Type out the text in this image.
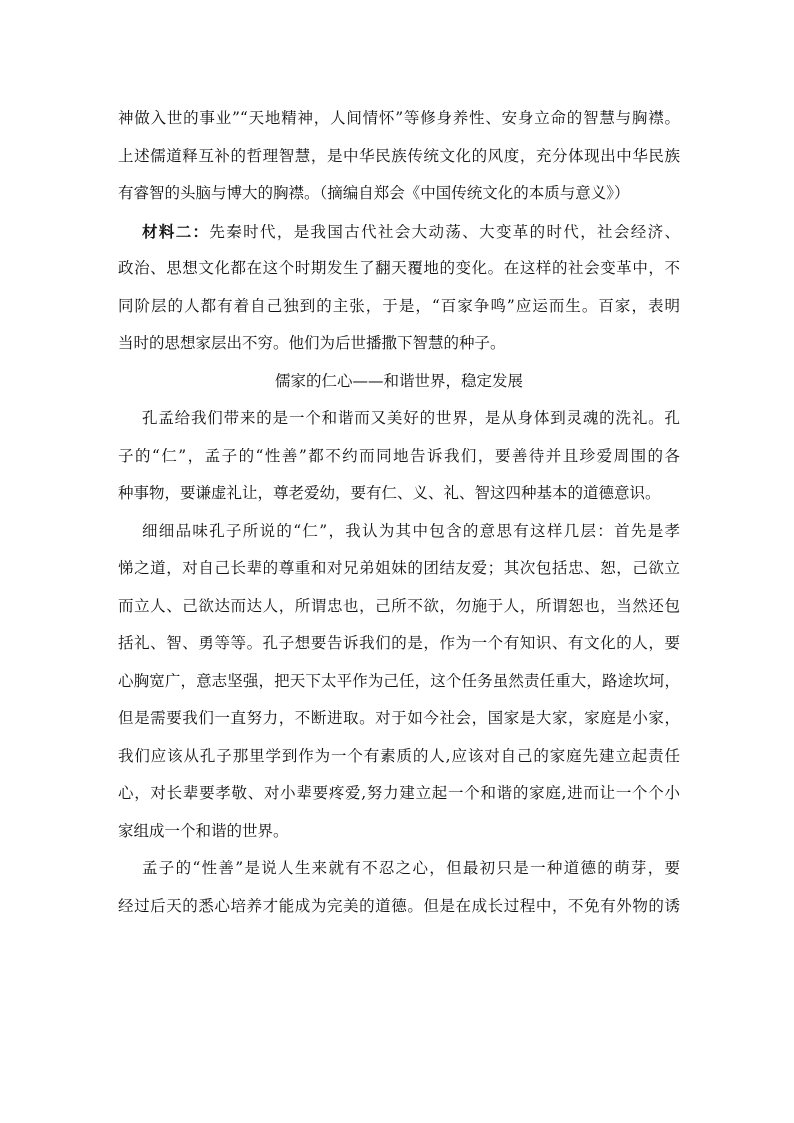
神做入世的事业”“天地精神，人间情怀”等修身养性、安身立命的智慧与胸襟。
上述儒道释互补的哲理智慧，是中华民族传统文化的风度，充分体现出中华民族
有睿智的头脑与博大的胸襟。（摘编自郑会《中国传统文化的本质与意义》）
材料二：先秦时代，是我国古代社会大动荡、大变革的时代，社会经济、
政治、思想文化都在这个时期发生了翻天覆地的变化。在这样的社会变革中，不
同阶层的人都有着自己独到的主张，于是，“百家争鸣”应运而生。百家，表明
当时的思想家层出不穷。他们为后世播撒下智慧的种子。
儒家的仁心——和谐世界，稳定发展
孔孟给我们带来的是一个和谐而又美好的世界，是从身体到灵魂的洗礼。孔
子的“仁”，孟子的“性善”都不约而同地告诉我们，要善待并且珍爱周围的各
种事物，要谦虚礼让，尊老爱幼，要有仁、义、礼、智这四种基本的道德意识。
细细品味孔子所说的“仁”，我认为其中包含的意思有这样几层：首先是孝
悌之道，对自己长辈的尊重和对兄弟姐妹的团结友爱；其次包括忠、恕，己欲立
而立人、己欲达而达人，所谓忠也，己所不欲，勿施于人，所谓恕也，当然还包
括礼、智、勇等等。孔子想要告诉我们的是，作为一个有知识、有文化的人，要
心胸宽广，意志坚强，把天下太平作为己任，这个任务虽然责任重大，路途坎坷，
但是需要我们一直努力，不断进取。对于如今社会，国家是大家，家庭是小家，
我们应该从孔子那里学到作为一个有素质的人,应该对自己的家庭先建立起责任
心，对长辈要孝敬、对小辈要疼爱,努力建立起一个和谐的家庭,进而让一个个小
家组成一个和谐的世界。
孟子的“性善”是说人生来就有不忍之心，但最初只是一种道德的萌芽，要
经过后天的悉心培养才能成为完美的道德。但是在成长过程中，不免有外物的诱
